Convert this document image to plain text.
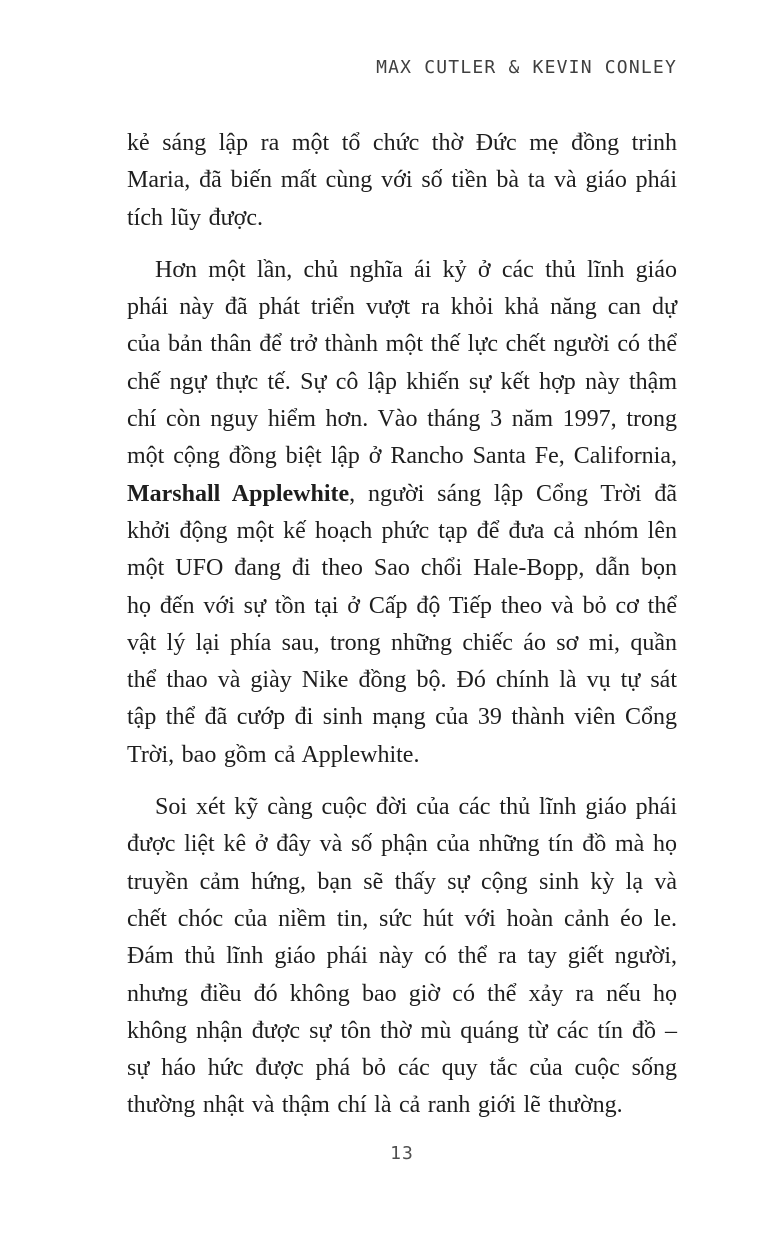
MAX CUTLER & KEVIN CONLEY

kẻ sáng lập ra một tổ chức thờ Đức mẹ đồng trinh Maria, đã biến mất cùng với số tiền bà ta và giáo phái tích lũy được.

Hơn một lần, chủ nghĩa ái kỷ ở các thủ lĩnh giáo phái này đã phát triển vượt ra khỏi khả năng can dự của bản thân để trở thành một thế lực chết người có thể chế ngự thực tế. Sự cô lập khiến sự kết hợp này thậm chí còn nguy hiểm hơn. Vào tháng 3 năm 1997, trong một cộng đồng biệt lập ở Rancho Santa Fe, California, Marshall Applewhite, người sáng lập Cổng Trời đã khởi động một kế hoạch phức tạp để đưa cả nhóm lên một UFO đang đi theo Sao chổi Hale-Bopp, dẫn bọn họ đến với sự tồn tại ở Cấp độ Tiếp theo và bỏ cơ thể vật lý lại phía sau, trong những chiếc áo sơ mi, quần thể thao và giày Nike đồng bộ. Đó chính là vụ tự sát tập thể đã cướp đi sinh mạng của 39 thành viên Cổng Trời, bao gồm cả Applewhite.

Soi xét kỹ càng cuộc đời của các thủ lĩnh giáo phái được liệt kê ở đây và số phận của những tín đồ mà họ truyền cảm hứng, bạn sẽ thấy sự cộng sinh kỳ lạ và chết chóc của niềm tin, sức hút với hoàn cảnh éo le. Đám thủ lĩnh giáo phái này có thể ra tay giết người, nhưng điều đó không bao giờ có thể xảy ra nếu họ không nhận được sự tôn thờ mù quáng từ các tín đồ – sự háo hức được phá bỏ các quy tắc của cuộc sống thường nhật và thậm chí là cả ranh giới lẽ thường.

13
